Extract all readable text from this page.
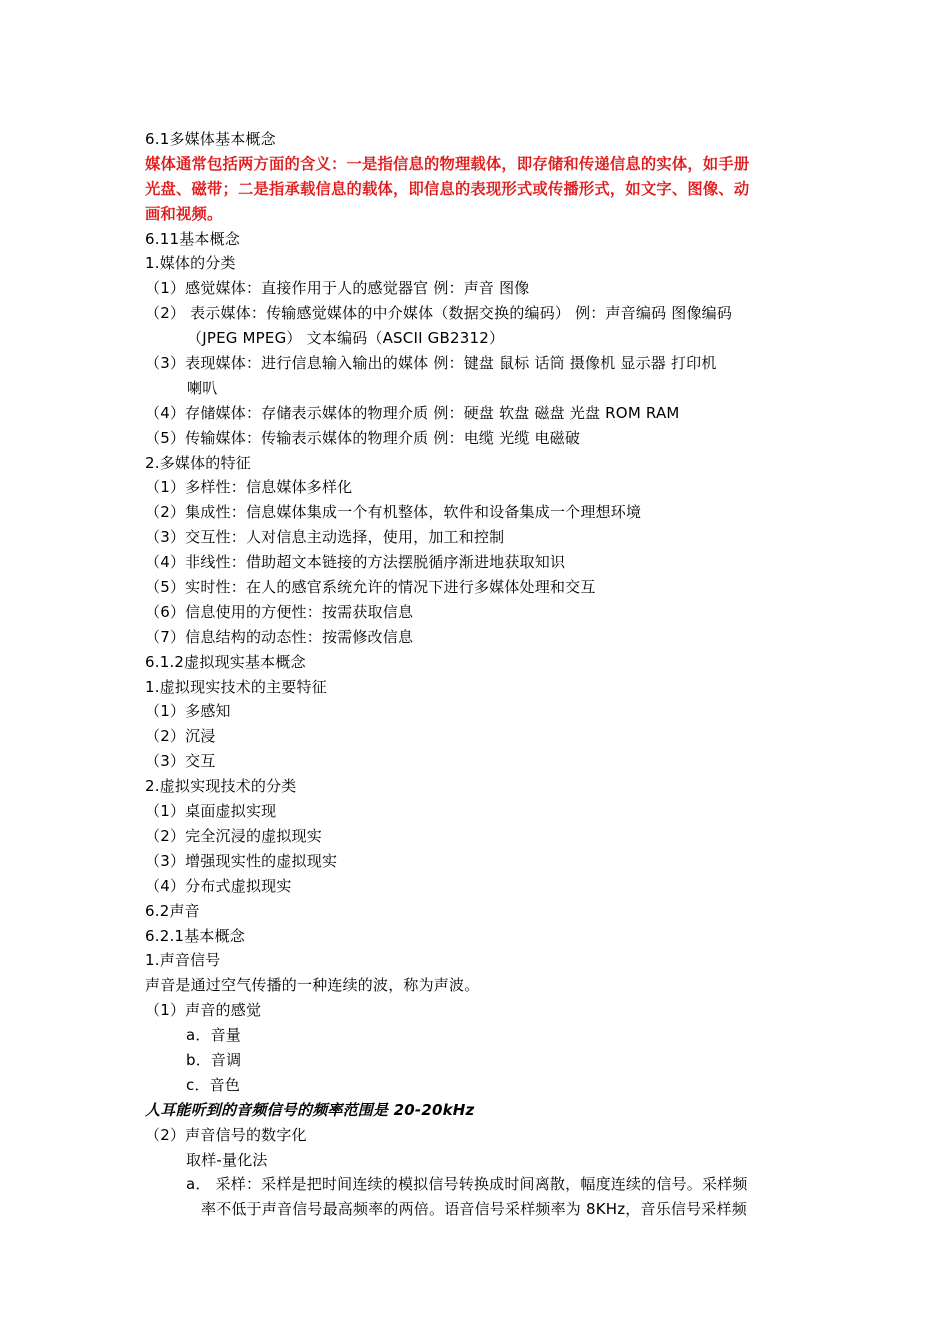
6.1多媒体基本概念
媒体通常包括两方面的含义：一是指信息的物理载体，即存储和传递信息的实体，如手册
光盘、磁带；二是指承载信息的载体，即信息的表现形式或传播形式，如文字、图像、动
画和视频。
6.11基本概念
1.媒体的分类
（1）感觉媒体：直接作用于人的感觉器官 例：声音 图像
（2） 表示媒体：传输感觉媒体的中介媒体（数据交换的编码） 例：声音编码 图像编码
（JPEG MPEG） 文本编码（ASCII GB2312）
（3）表现媒体：进行信息输入输出的媒体 例：键盘 鼠标 话筒 摄像机 显示器 打印机
喇叭
（4）存储媒体：存储表示媒体的物理介质 例：硬盘 软盘 磁盘 光盘 ROM RAM
（5）传输媒体：传输表示媒体的物理介质 例：电缆 光缆 电磁破
2.多媒体的特征
（1）多样性：信息媒体多样化
（2）集成性：信息媒体集成一个有机整体，软件和设备集成一个理想环境
（3）交互性：人对信息主动选择，使用，加工和控制
（4）非线性：借助超文本链接的方法摆脱循序渐进地获取知识
（5）实时性：在人的感官系统允许的情况下进行多媒体处理和交互
（6）信息使用的方便性：按需获取信息
（7）信息结构的动态性：按需修改信息
6.1.2虚拟现实基本概念
1.虚拟现实技术的主要特征
（1）多感知
（2）沉浸
（3）交互
2.虚拟实现技术的分类
（1）桌面虚拟实现
（2）完全沉浸的虚拟现实
（3）增强现实性的虚拟现实
（4）分布式虚拟现实
6.2声音
6.2.1基本概念
1.声音信号
声音是通过空气传播的一种连续的波，称为声波。
（1）声音的感觉
a．音量
b．音调
c．音色
人耳能听到的音频信号的频率范围是 20-20kHz
（2）声音信号的数字化
取样-量化法
a． 采样：采样是把时间连续的模拟信号转换成时间离散，幅度连续的信号。采样频
率不低于声音信号最高频率的两倍。语音信号采样频率为 8KHz，音乐信号采样频
